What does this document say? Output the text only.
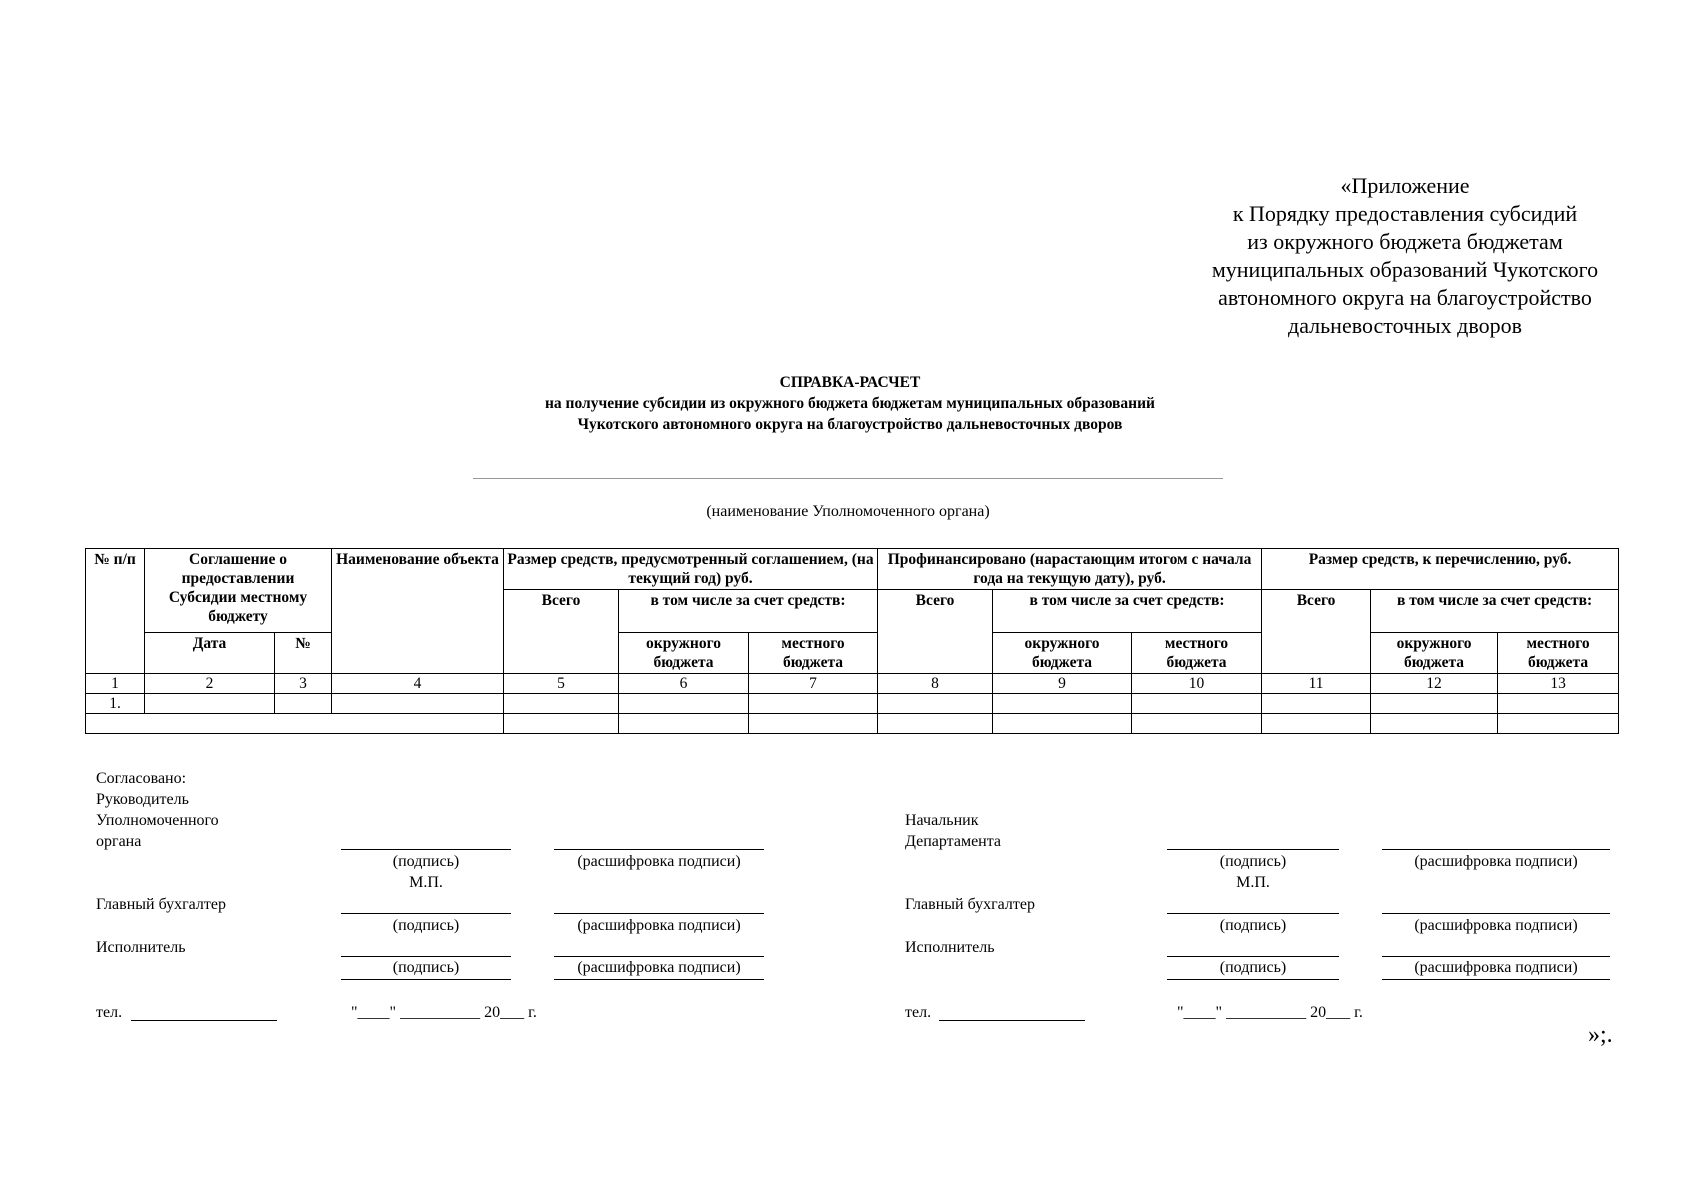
«Приложение
к Порядку предоставления субсидий
из окружного бюджета бюджетам
муниципальных образований Чукотского
автономного округа на благоустройство
дальневосточных дворов
СПРАВКА-РАСЧЕТ
на получение субсидии из окружного бюджета бюджетам муниципальных образований
Чукотского автономного округа на благоустройство дальневосточных дворов
(наименование Уполномоченного органа)
№ п/п	Соглашение о предоставлении Субсидии местному бюджету		Наименование объекта	Размер средств, предусмотренный соглашением, (на текущий год) руб.			Профинансировано (нарастающим итогом с начала года на текущую дату), руб.			Размер средств, к перечислению, руб.		
				Всего	в том числе за счет средств:		Всего	в том числе за счет средств:		Всего	в том числе за счет средств:	
	Дата	№			окружного бюджета	местного бюджета		окружного бюджета	местного бюджета		окружного бюджета	местного бюджета
1	2	3	4	5	6	7	8	9	10	11	12	13
1.												

Согласовано:
Руководитель
Уполномоченного
органа
(подпись)	(расшифровка подписи)
М.П.
Главный бухгалтер
(подпись)	(расшифровка подписи)
Исполнитель
(подпись)	(расшифровка подписи)
тел.	"____" __________ 20___ г.
Начальник
Департамента
(подпись)	(расшифровка подписи)
М.П.
Главный бухгалтер
(подпись)	(расшифровка подписи)
Исполнитель
(подпись)	(расшифровка подписи)
тел.	"____" __________ 20___ г.
»;.
